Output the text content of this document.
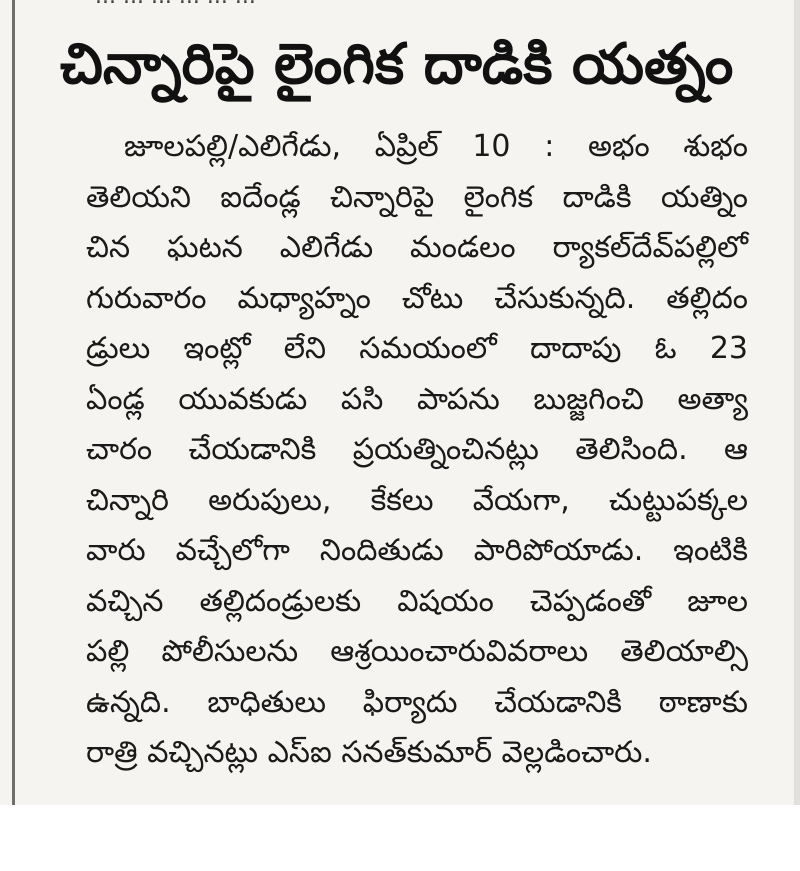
చిన్నారిపై లైంగిక దాడికి యత్నం
జూలపల్లి/ఎలిగేడు, ఏప్రిల్ 10 : అభం శుభం
తెలియని ఐదేండ్ల చిన్నారిపై లైంగిక దాడికి యత్నిం
చిన ఘటన ఎలిగేడు మండలం ర్యాకల్‌దేవ్‌పల్లిలో
గురువారం మధ్యాహ్నం చోటు చేసుకున్నది. తల్లిదం
డ్రులు ఇంట్లో లేని సమయంలో దాదాపు ఓ 23
ఏండ్ల యువకుడు పసి పాపను బుజ్జగించి అత్యా
చారం చేయడానికి ప్రయత్నించినట్లు తెలిసింది. ఆ
చిన్నారి అరుపులు, కేకలు వేయగా, చుట్టుపక్కల
వారు వచ్చేలోగా నిందితుడు పారిపోయాడు. ఇంటికి
వచ్చిన తల్లిదండ్రులకు విషయం చెప్పడంతో జూల
పల్లి పోలీసులను ఆశ్రయించారువివరాలు తెలియాల్సి
ఉన్నది. బాధితులు ఫిర్యాదు చేయడానికి ఠాణాకు
రాత్రి వచ్చినట్లు ఎస్ఐ సనత్‌కుమార్ వెల్లడించారు.
